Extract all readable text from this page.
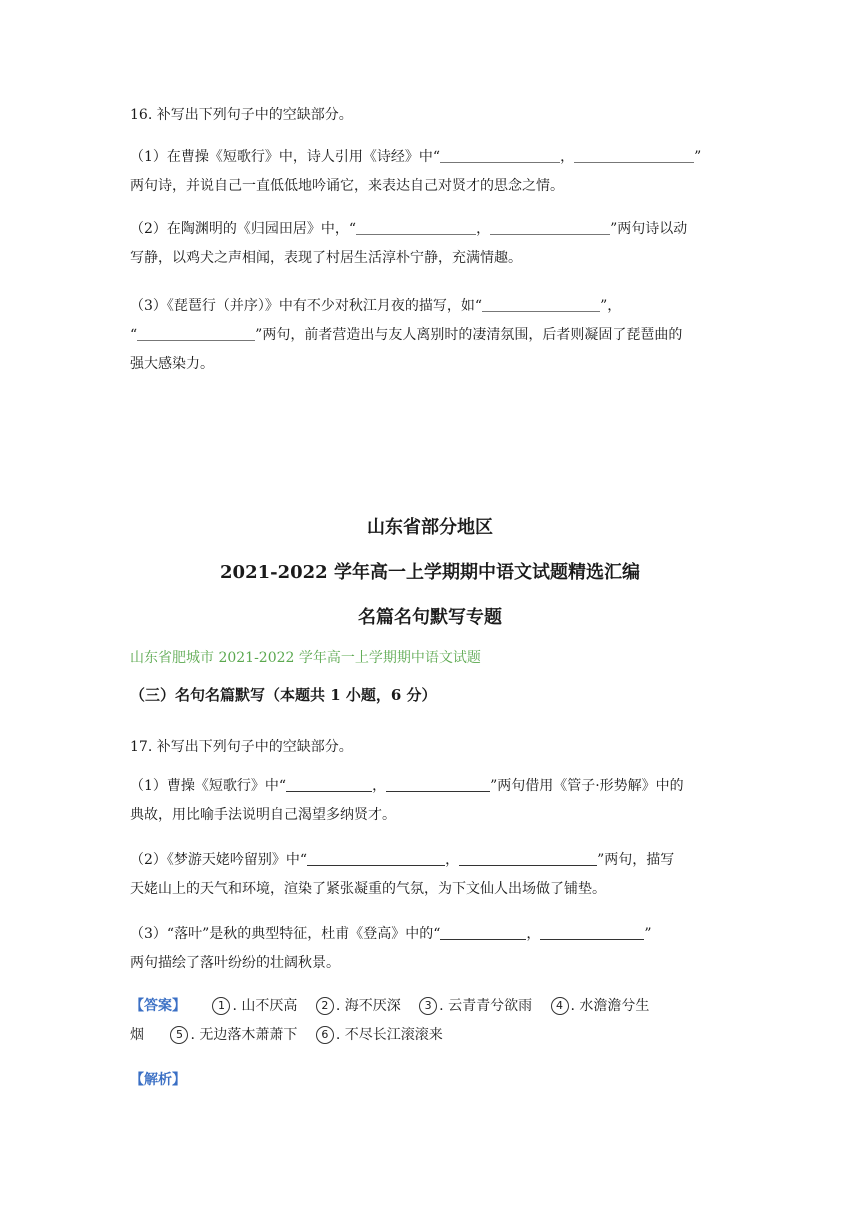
16. 补写出下列句子中的空缺部分。

（1）在曹操《短歌行》中，诗人引用《诗经》中“	，	”
两句诗，并说自己一直低低地吟诵它，来表达自己对贤才的思念之情。

（2）在陶渊明的《归园田居》中，“	，	”两句诗以动
写静，以鸡犬之声相闻，表现了村居生活淳朴宁静，充满情趣。

（3）《琵琶行（并序）》中有不少对秋江月夜的描写，如“	”，
“	”两句，前者营造出与友人离别时的凄清氛围，后者则凝固了琵琶曲的
强大感染力。

山东省部分地区

2021-2022 学年高一上学期期中语文试题精选汇编

名篇名句默写专题

山东省肥城市 2021-2022 学年高一上学期期中语文试题

（三）名句名篇默写（本题共 1 小题，6 分）

17. 补写出下列句子中的空缺部分。

（1）曹操《短歌行》中“	，	”两句借用《管子·形势解》中的
典故，用比喻手法说明自己渴望多纳贤才。

（2）《梦游天姥吟留别》中“	，	”两句，描写
天姥山上的天气和环境，渲染了紧张凝重的气氛，为下文仙人出场做了铺垫。

（3）“落叶”是秋的典型特征，杜甫《登高》中的“	，	”
两句描绘了落叶纷纷的壮阔秋景。

【答案】	1 . 山不厌高 2 . 海不厌深 3 . 云青青兮欲雨 4 . 水澹澹兮生
烟	5 . 无边落木萧萧下 6 . 不尽长江滚滚来

【解析】
